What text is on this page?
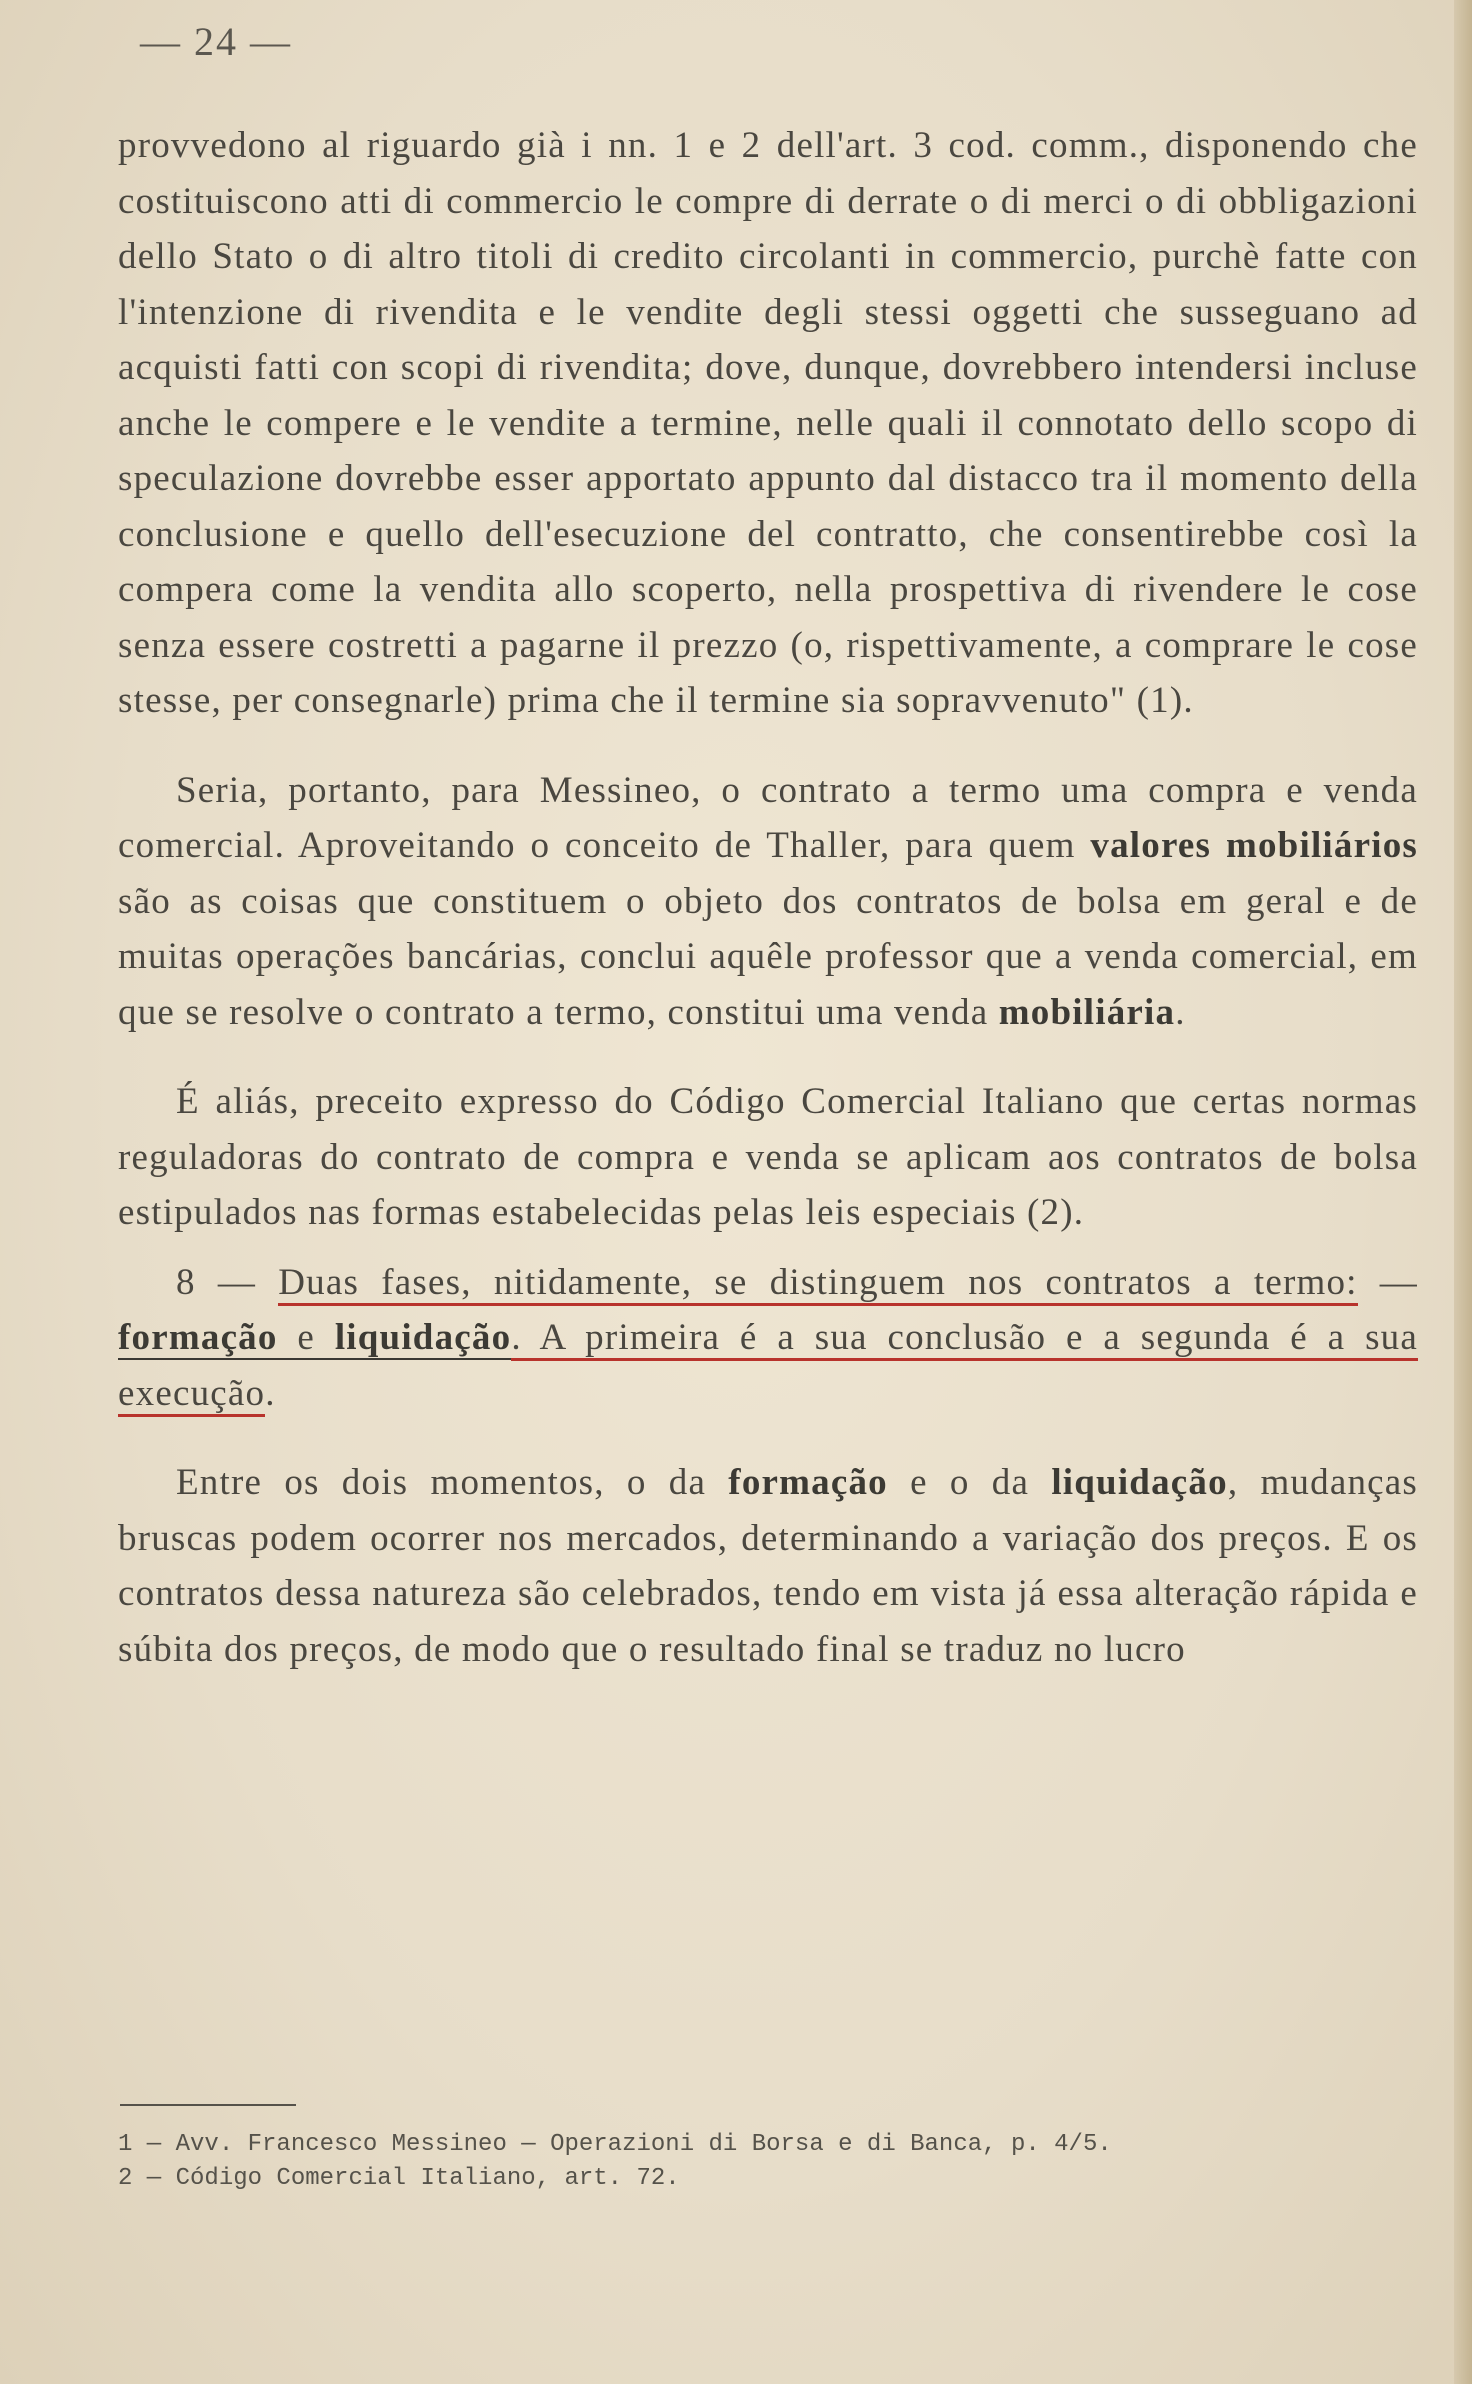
— 24 —

provvedono al riguardo già i nn. 1 e 2 dell'art. 3 cod. comm., disponendo che costituiscono atti di commercio le compre di derrate o di merci o di obbligazioni dello Stato o di altro titoli di credito circolanti in commercio, purchè fatte con l'intenzione di rivendita e le vendite degli stessi oggetti che susseguano ad acquisti fatti con scopi di rivendita; dove, dunque, dovrebbero intendersi incluse anche le compere e le vendite a termine, nelle quali il connotato dello scopo di speculazione dovrebbe esser apportato appunto dal distacco tra il momento della conclusione e quello dell'esecuzione del contratto, che consentirebbe così la compera come la vendita allo scoperto, nella prospettiva di rivendere le cose senza essere costretti a pagarne il prezzo (o, rispettivamente, a comprare le cose stesse, per consegnarle) prima che il termine sia sopravvenuto" (1).

Seria, portanto, para Messineo, o contrato a termo uma compra e venda comercial. Aproveitando o conceito de Thaller, para quem valores mobiliários são as coisas que constituem o objeto dos contratos de bolsa em geral e de muitas operações bancárias, conclui aquêle professor que a venda comercial, em que se resolve o contrato a termo, constitui uma venda mobiliária.

É aliás, preceito expresso do Código Comercial Italiano que certas normas reguladoras do contrato de compra e venda se aplicam aos contratos de bolsa estipulados nas formas estabelecidas pelas leis especiais (2).

8 — Duas fases, nitidamente, se distinguem nos contratos a termo: — formação e liquidação. A primeira é a sua conclusão e a segunda é a sua execução.

Entre os dois momentos, o da formação e o da liquidação, mudanças bruscas podem ocorrer nos mercados, determinando a variação dos preços. E os contratos dessa natureza são celebrados, tendo em vista já essa alteração rápida e súbita dos preços, de modo que o resultado final se traduz no lucro

1 — Avv. Francesco Messineo — Operazioni di Borsa e di Banca, p. 4/5.
2 — Código Comercial Italiano, art. 72.
